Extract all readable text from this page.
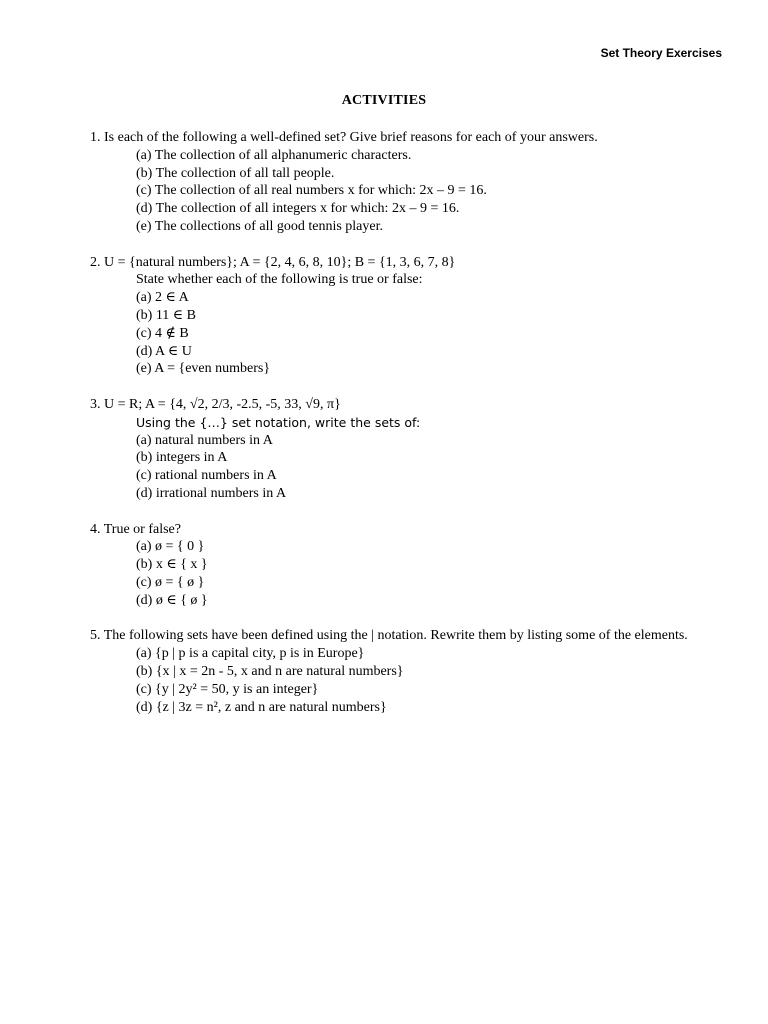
Set Theory Exercises
ACTIVITIES
1. Is each of the following a well-defined set? Give brief reasons for each of your answers.
(a) The collection of all alphanumeric characters.
(b) The collection of all tall people.
(c) The collection of all real numbers x for which: 2x – 9 = 16.
(d) The collection of all integers x for which: 2x – 9 = 16.
(e) The collections of all good tennis player.
2. U = {natural numbers}; A = {2, 4, 6, 8, 10}; B = {1, 3, 6, 7, 8}
State whether each of the following is true or false:
(a) 2 ∈ A
(b) 11 ∈ B
(c) 4 ∉ B
(d) A ∈ U
(e) A = {even numbers}
3. U = R; A = {4, √2, 2/3, -2.5, -5, 33, √9, π}
Using the {…} set notation, write the sets of:
(a) natural numbers in A
(b) integers in A
(c) rational numbers in A
(d) irrational numbers in A
4. True or false?
(a) ø = { 0 }
(b) x ∈ { x }
(c) ø = { ø }
(d) ø ∈ { ø }
5. The following sets have been defined using the | notation. Rewrite them by listing some of the elements.
(a) {p | p is a capital city, p is in Europe}
(b) {x | x = 2n - 5, x and n are natural numbers}
(c) {y | 2y² = 50, y is an integer}
(d) {z | 3z = n², z and n are natural numbers}
